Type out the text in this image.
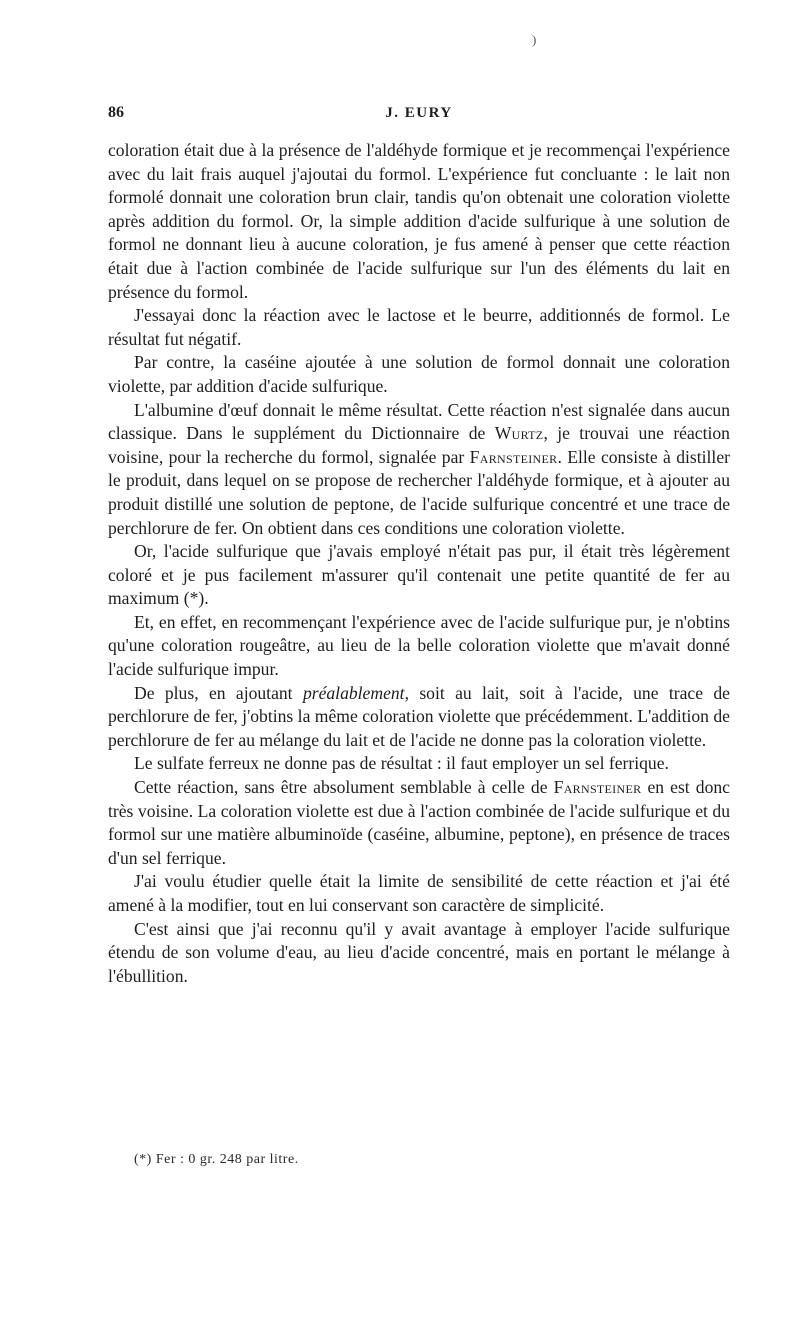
)
86	J. EURY

coloration était due à la présence de l'aldéhyde formique et je recommençai l'expérience avec du lait frais auquel j'ajoutai du formol. L'expérience fut concluante : le lait non formolé donnait une coloration brun clair, tandis qu'on obtenait une coloration violette après addition du formol. Or, la simple addition d'acide sulfurique à une solution de formol ne donnant lieu à aucune coloration, je fus amené à penser que cette réaction était due à l'action combinée de l'acide sulfurique sur l'un des éléments du lait en présence du formol.

J'essayai donc la réaction avec le lactose et le beurre, additionnés de formol. Le résultat fut négatif.

Par contre, la caséine ajoutée à une solution de formol donnait une coloration violette, par addition d'acide sulfurique.

L'albumine d'œuf donnait le même résultat. Cette réaction n'est signalée dans aucun classique. Dans le supplément du Dictionnaire de Wurtz, je trouvai une réaction voisine, pour la recherche du formol, signalée par Farnsteiner. Elle consiste à distiller le produit, dans lequel on se propose de rechercher l'aldéhyde formique, et à ajouter au produit distillé une solution de peptone, de l'acide sulfurique concentré et une trace de perchlorure de fer. On obtient dans ces conditions une coloration violette.

Or, l'acide sulfurique que j'avais employé n'était pas pur, il était très légèrement coloré et je pus facilement m'assurer qu'il contenait une petite quantité de fer au maximum (*).

Et, en effet, en recommençant l'expérience avec de l'acide sulfurique pur, je n'obtins qu'une coloration rougeâtre, au lieu de la belle coloration violette que m'avait donné l'acide sulfurique impur.

De plus, en ajoutant préalablement, soit au lait, soit à l'acide, une trace de perchlorure de fer, j'obtins la même coloration violette que précédemment. L'addition de perchlorure de fer au mélange du lait et de l'acide ne donne pas la coloration violette.

Le sulfate ferreux ne donne pas de résultat : il faut employer un sel ferrique.

Cette réaction, sans être absolument semblable à celle de Farnsteiner en est donc très voisine. La coloration violette est due à l'action combinée de l'acide sulfurique et du formol sur une matière albuminoïde (caséine, albumine, peptone), en présence de traces d'un sel ferrique.

J'ai voulu étudier quelle était la limite de sensibilité de cette réaction et j'ai été amené à la modifier, tout en lui conservant son caractère de simplicité.

C'est ainsi que j'ai reconnu qu'il y avait avantage à employer l'acide sulfurique étendu de son volume d'eau, au lieu d'acide concentré, mais en portant le mélange à l'ébullition.

(*) Fer : 0 gr. 248 par litre.
